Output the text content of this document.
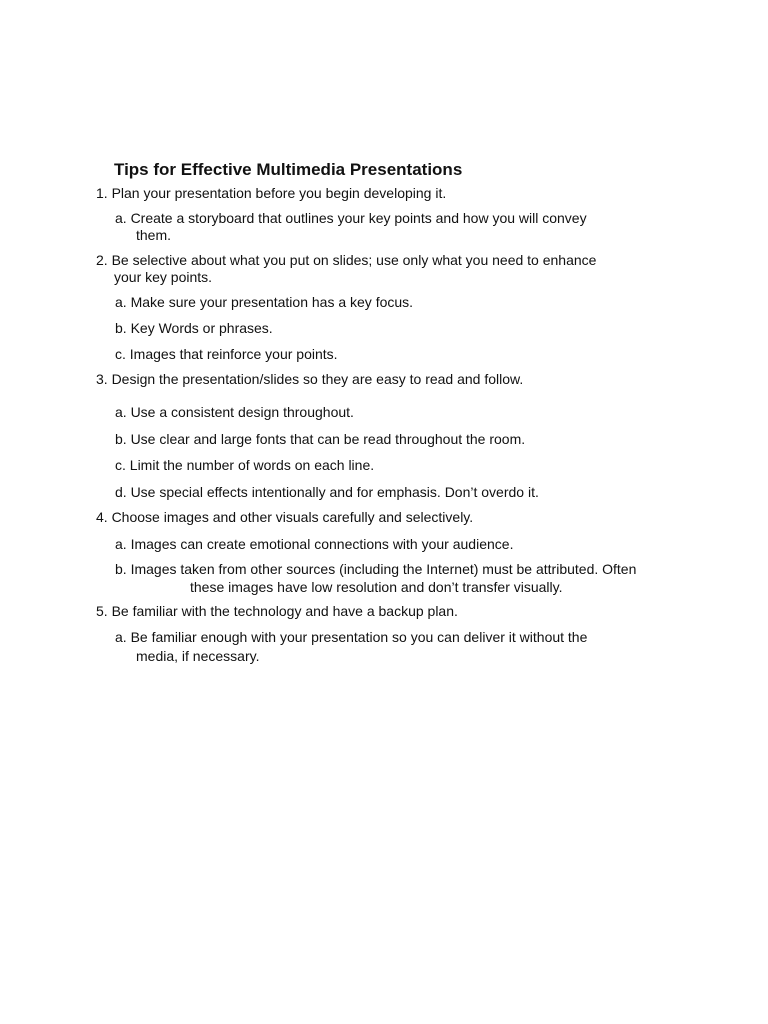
Tips for Effective Multimedia Presentations
1. Plan your presentation before you begin developing it.
a. Create a storyboard that outlines your key points and how you will convey
them.
2. Be selective about what you put on slides; use only what you need to enhance
your key points.
a. Make sure your presentation has a key focus.
b. Key Words or phrases.
c. Images that reinforce your points.
3. Design the presentation/slides so they are easy to read and follow.
a. Use a consistent design throughout.
b. Use clear and large fonts that can be read throughout the room.
c. Limit the number of words on each line.
d. Use special effects intentionally and for emphasis. Don’t overdo it.
4. Choose images and other visuals carefully and selectively.
a. Images can create emotional connections with your audience.
b. Images taken from other sources (including the Internet) must be attributed. Often
these images have low resolution and don’t transfer visually.
5. Be familiar with the technology and have a backup plan.
a. Be familiar enough with your presentation so you can deliver it without the
media, if necessary.
